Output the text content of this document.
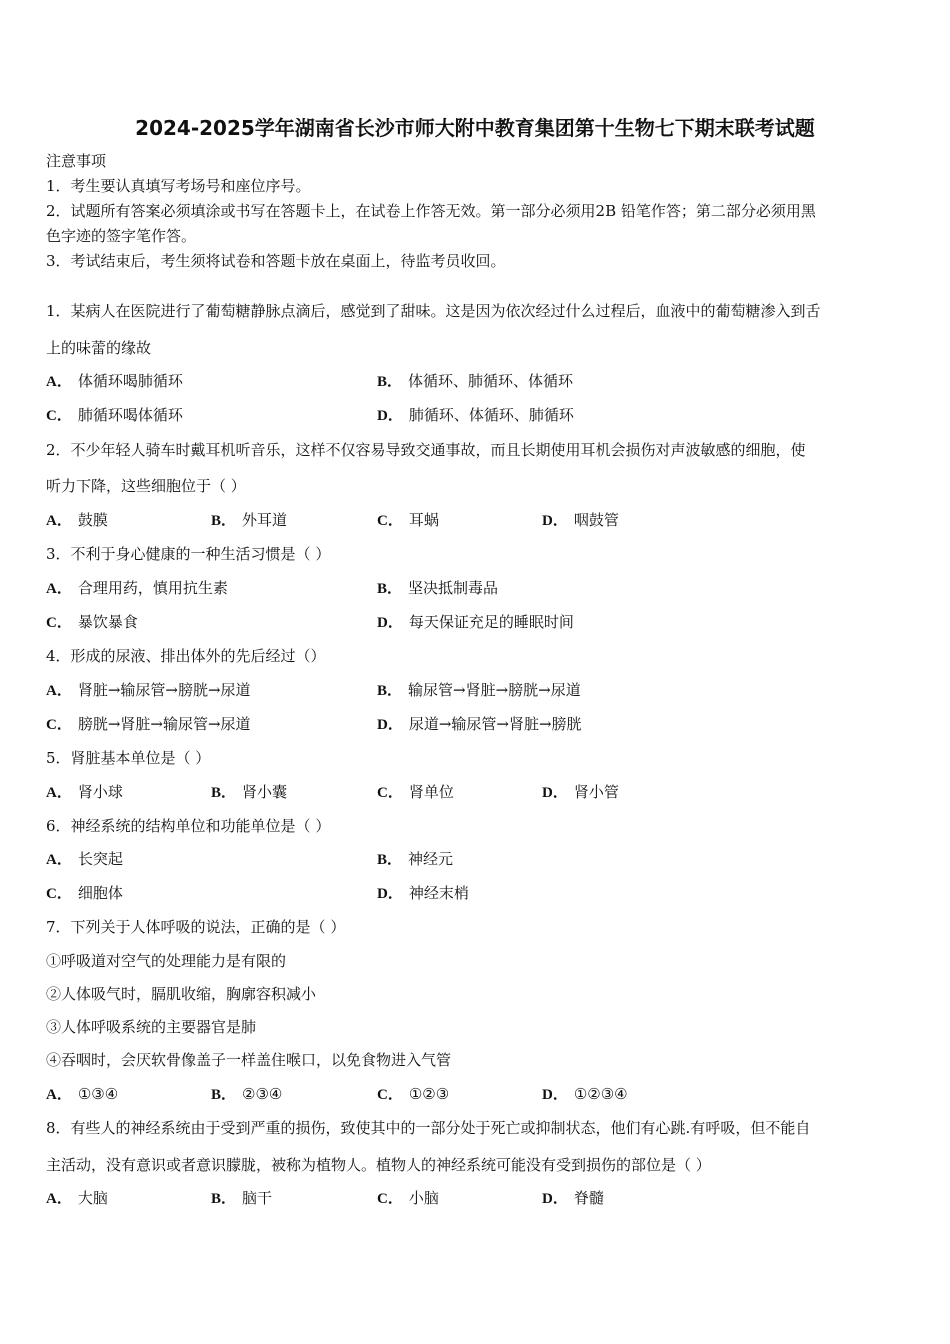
2024-2025学年湖南省长沙市师大附中教育集团第十生物七下期末联考试题
注意事项
1．考生要认真填写考场号和座位序号。
2．试题所有答案必须填涂或书写在答题卡上，在试卷上作答无效。第一部分必须用2B 铅笔作答；第二部分必须用黑
色字迹的签字笔作答。
3．考试结束后，考生须将试卷和答题卡放在桌面上，待监考员收回。
1．某病人在医院进行了葡萄糖静脉点滴后，感觉到了甜味。这是因为依次经过什么过程后，血液中的葡萄糖渗入到舌
上的味蕾的缘故
A． 体循环喝肺循环	B． 体循环、肺循环、体循环
C． 肺循环喝体循环	D． 肺循环、体循环、肺循环
2．不少年轻人骑车时戴耳机听音乐，这样不仅容易导致交通事故，而且长期使用耳机会损伤对声波敏感的细胞，使
听力下降，这些细胞位于（ ）
A． 鼓膜	B． 外耳道	C． 耳蜗	D． 咽鼓管
3．不利于身心健康的一种生活习惯是（ ）
A． 合理用药，慎用抗生素	B． 坚决抵制毒品
C． 暴饮暴食	D． 每天保证充足的睡眠时间
4．形成的尿液、排出体外的先后经过（）
A． 肾脏→输尿管→膀胱→尿道	B． 输尿管→肾脏→膀胱→尿道
C． 膀胱→肾脏→输尿管→尿道	D． 尿道→输尿管→肾脏→膀胱
5．肾脏基本单位是（ ）
A． 肾小球	B． 肾小囊	C． 肾单位	D． 肾小管
6．神经系统的结构单位和功能单位是（ ）
A． 长突起	B． 神经元
C． 细胞体	D． 神经末梢
7．下列关于人体呼吸的说法，正确的是（ ）
①呼吸道对空气的处理能力是有限的
②人体吸气时，膈肌收缩，胸廓容积减小
③人体呼吸系统的主要器官是肺
④吞咽时，会厌软骨像盖子一样盖住喉口，以免食物进入气管
A． ①③④	B． ②③④	C． ①②③	D． ①②③④
8．有些人的神经系统由于受到严重的损伤，致使其中的一部分处于死亡或抑制状态，他们有心跳.有呼吸，但不能自
主活动，没有意识或者意识朦胧，被称为植物人。植物人的神经系统可能没有受到损伤的部位是（ ）
A． 大脑	B． 脑干	C． 小脑	D． 脊髓
